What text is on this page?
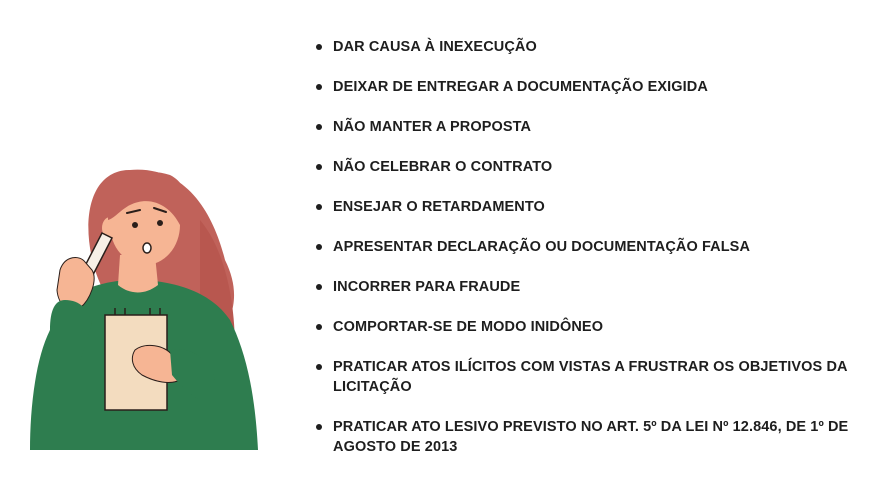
DAR CAUSA À INEXECUÇÃO
DEIXAR DE ENTREGAR A DOCUMENTAÇÃO EXIGIDA
NÃO MANTER A PROPOSTA
NÃO CELEBRAR O CONTRATO
ENSEJAR O RETARDAMENTO
APRESENTAR DECLARAÇÃO OU DOCUMENTAÇÃO FALSA
INCORRER PARA FRAUDE
COMPORTAR-SE DE MODO INIDÔNEO
PRATICAR ATOS ILÍCITOS COM VISTAS A FRUSTRAR OS OBJETIVOS DA LICITAÇÃO
PRATICAR ATO LESIVO PREVISTO NO ART. 5º DA LEI Nº 12.846, DE 1º DE AGOSTO DE 2013
